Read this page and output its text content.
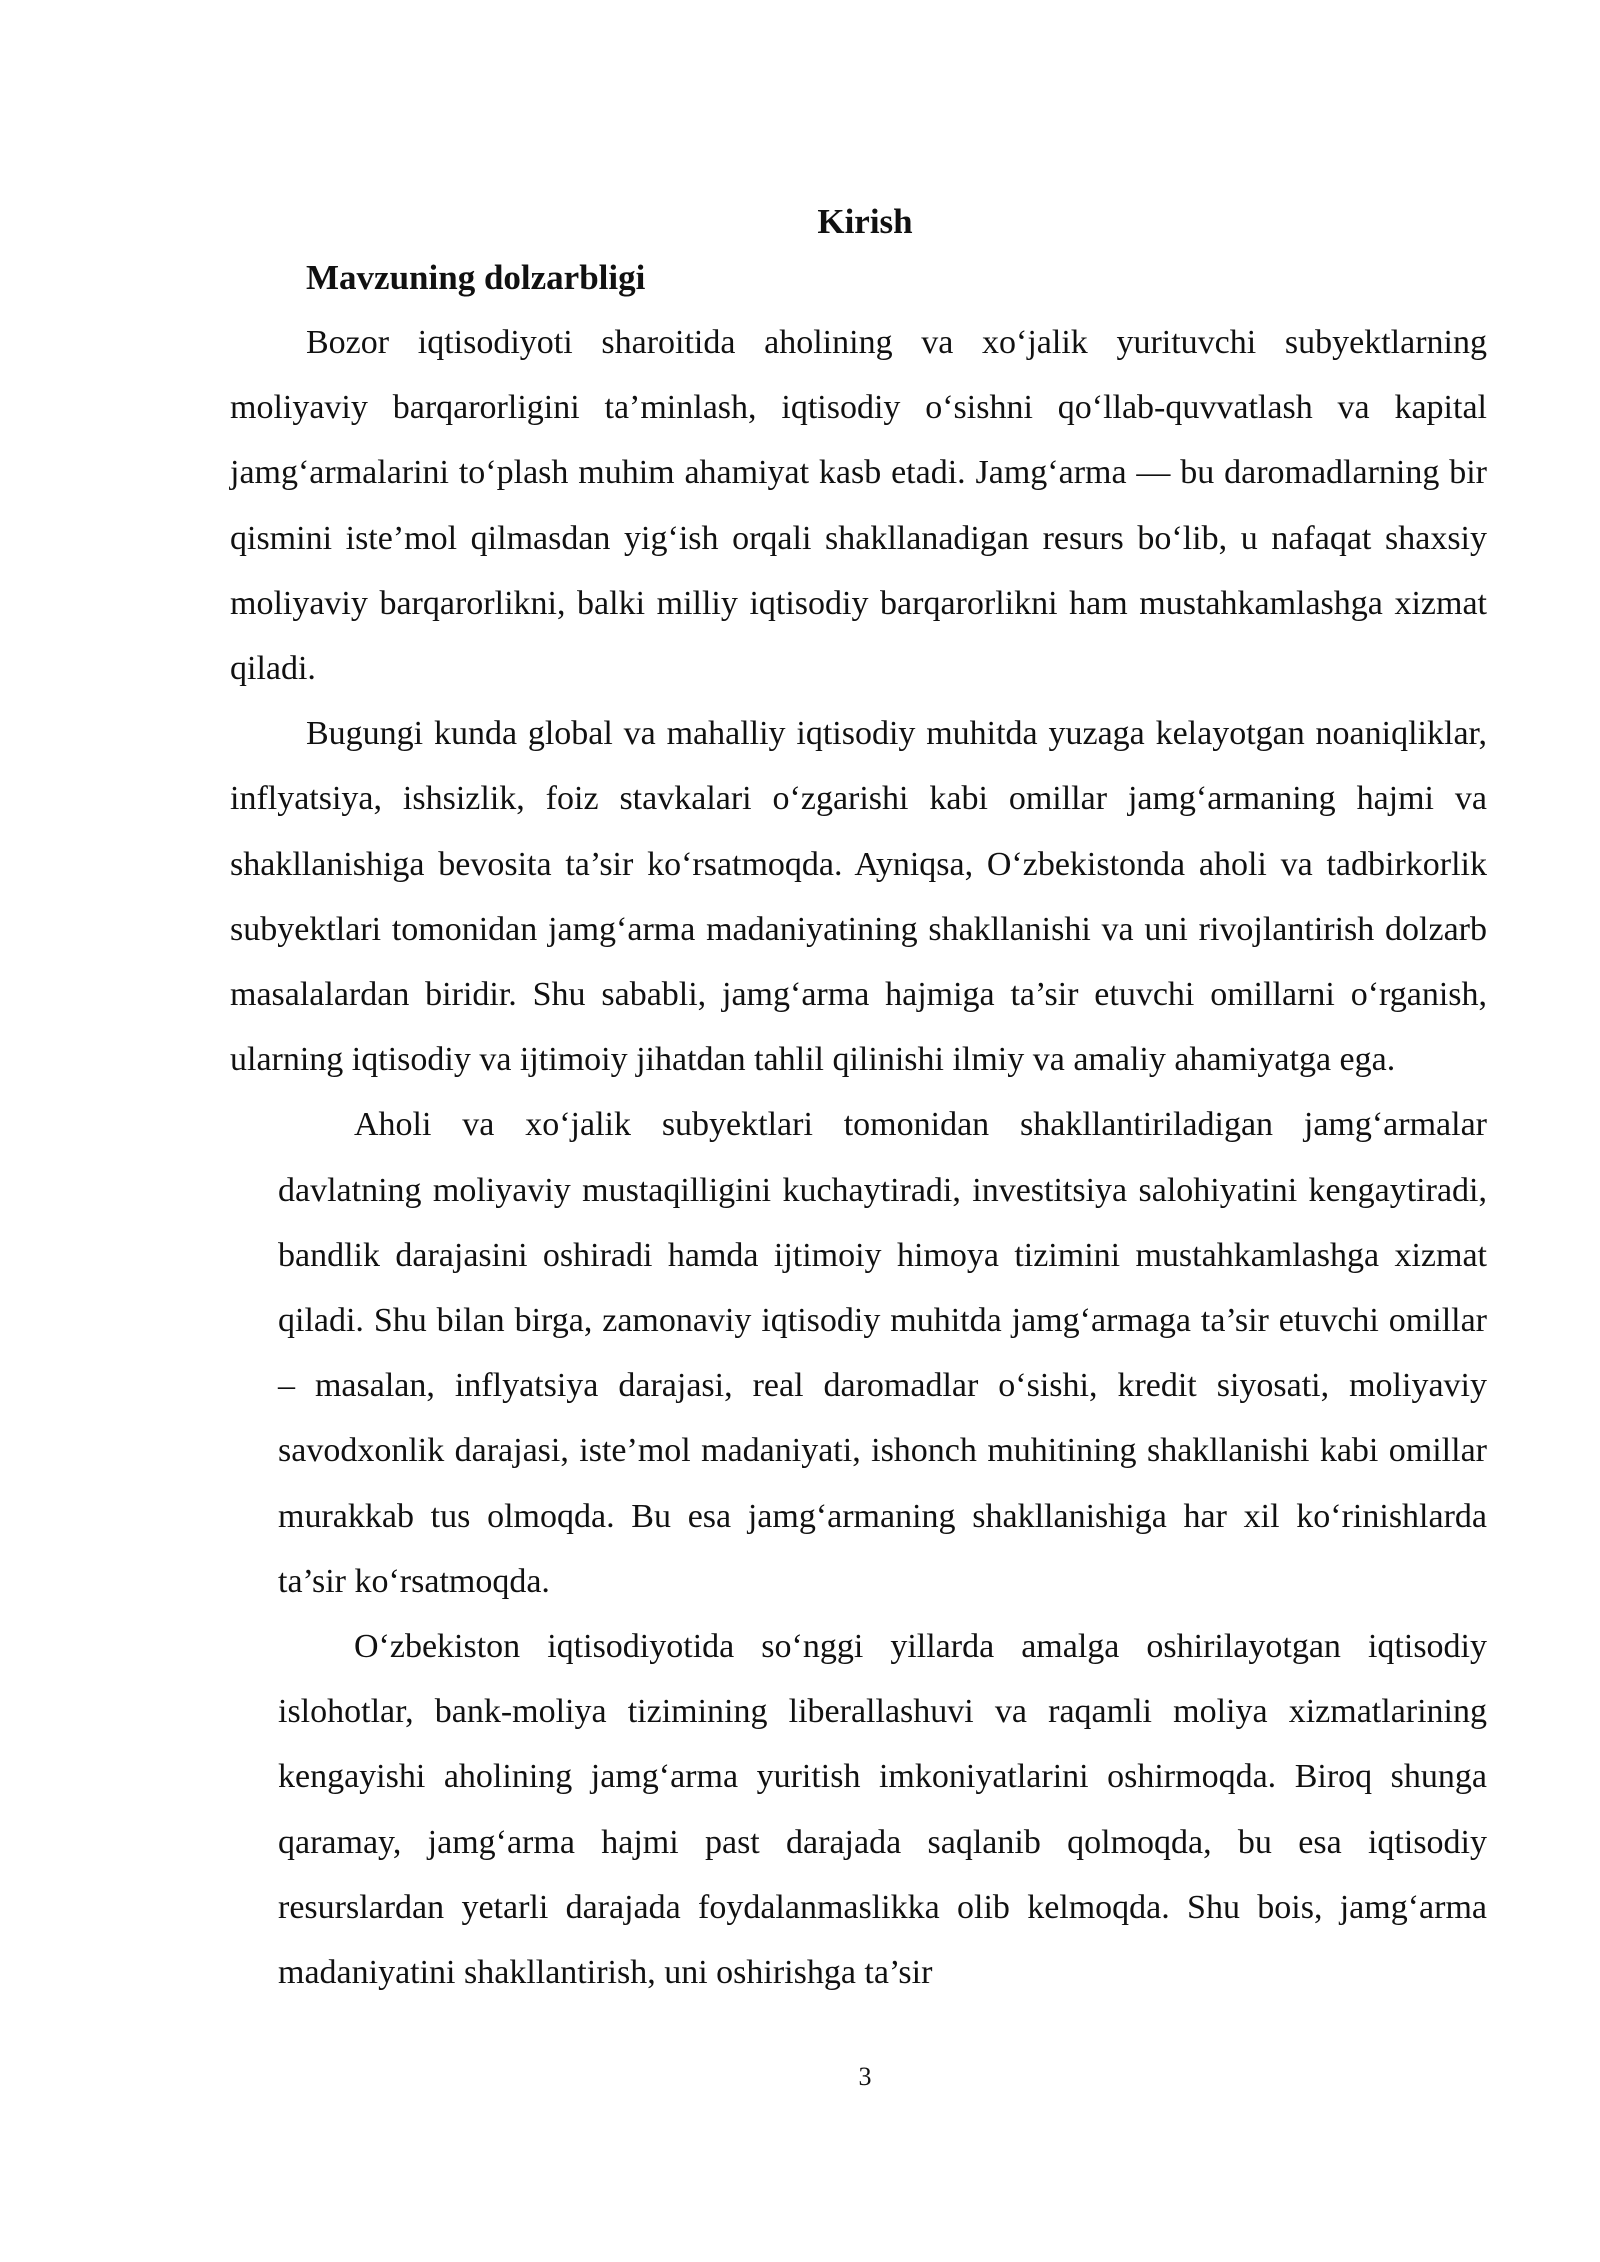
Kirish
Mavzuning dolzarbligi

Bozor iqtisodiyoti sharoitida aholining va xo‘jalik yurituvchi subyektlarning moliyaviy barqarorligini ta’minlash, iqtisodiy o‘sishni qo‘llab-quvvatlash va kapital jamg‘armalarini to‘plash muhim ahamiyat kasb etadi. Jamg‘arma — bu daromadlarning bir qismini iste’mol qilmasdan yig‘ish orqali shakllanadigan resurs bo‘lib, u nafaqat shaxsiy moliyaviy barqarorlikni, balki milliy iqtisodiy barqarorlikni ham mustahkamlashga xizmat qiladi.

Bugungi kunda global va mahalliy iqtisodiy muhitda yuzaga kelayotgan noaniqliklar, inflyatsiya, ishsizlik, foiz stavkalari o‘zgarishi kabi omillar jamg‘armaning hajmi va shakllanishiga bevosita ta’sir ko‘rsatmoqda. Ayniqsa, O‘zbekistonda aholi va tadbirkorlik subyektlari tomonidan jamg‘arma madaniyatining shakllanishi va uni rivojlantirish dolzarb masalalardan biridir. Shu sababli, jamg‘arma hajmiga ta’sir etuvchi omillarni o‘rganish, ularning iqtisodiy va ijtimoiy jihatdan tahlil qilinishi ilmiy va amaliy ahamiyatga ega.

Aholi va xo‘jalik subyektlari tomonidan shakllantiriladigan jamg‘armalar davlatning moliyaviy mustaqilligini kuchaytiradi, investitsiya salohiyatini kengaytiradi, bandlik darajasini oshiradi hamda ijtimoiy himoya tizimini mustahkamlashga xizmat qiladi. Shu bilan birga, zamonaviy iqtisodiy muhitda jamg‘armaga ta’sir etuvchi omillar – masalan, inflyatsiya darajasi, real daromadlar o‘sishi, kredit siyosati, moliyaviy savodxonlik darajasi, iste’mol madaniyati, ishonch muhitining shakllanishi kabi omillar murakkab tus olmoqda. Bu esa jamg‘armaning shakllanishiga har xil ko‘rinishlarda ta’sir ko‘rsatmoqda.

O‘zbekiston iqtisodiyotida so‘nggi yillarda amalga oshirilayotgan iqtisodiy islohotlar, bank-moliya tizimining liberallashuvi va raqamli moliya xizmatlarining kengayishi aholining jamg‘arma yuritish imkoniyatlarini oshirmoqda. Biroq shunga qaramay, jamg‘arma hajmi past darajada saqlanib qolmoqda, bu esa iqtisodiy resurslardan yetarli darajada foydalanmaslikka olib kelmoqda. Shu bois, jamg‘arma madaniyatini shakllantirish, uni oshirishga ta’sir

3
